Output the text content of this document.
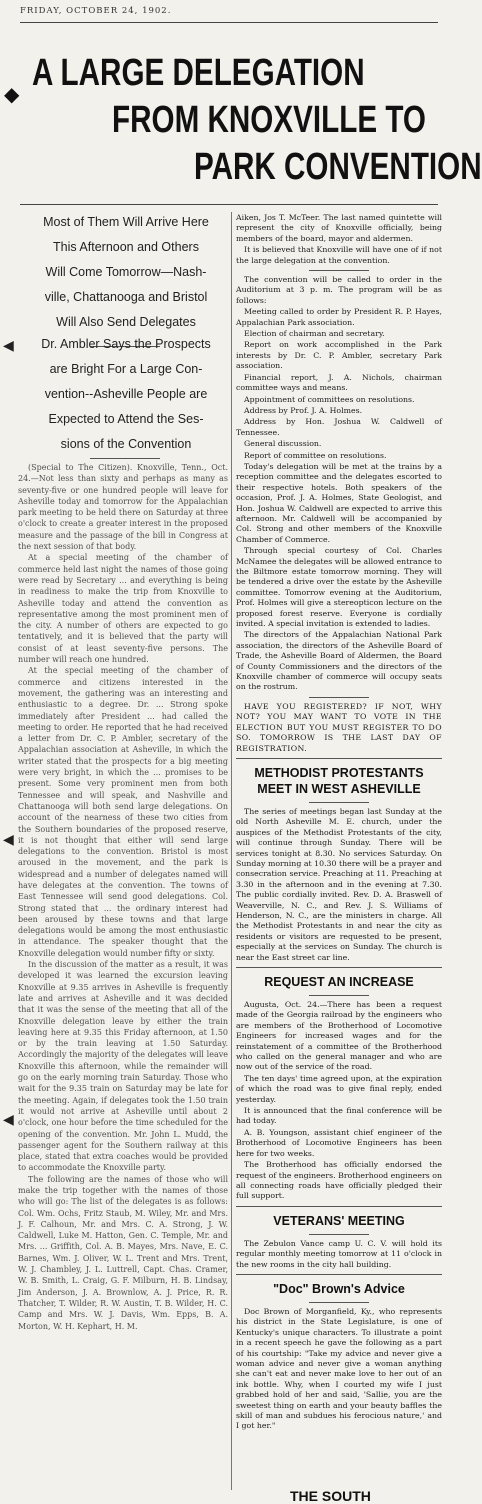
FRIDAY, OCTOBER 24, 1902.
◆ A LARGE DELEGATION
FROM KNOXVILLE TO
PARK CONVENTION
Most of Them Will Arrive Here
This Afternoon and Others
Will Come Tomorrow—Nash-
ville, Chattanooga and Bristol
Will Also Send Delegates
Dr. Ambler Says the Prospects
are Bright For a Large Con-
vention--Asheville People are
Expected to Attend the Ses-
sions of the Convention
◀
◀
◀

(Special to The Citizen). Knoxville, Tenn., Oct. 24.—Not less than sixty and perhaps as many as seventy-five or one hundred people will leave for Asheville today and tomorrow for the Appalachian park meeting to be held there on Saturday at three o'clock to create a greater interest in the proposed measure and the passage of the bill in Congress at the next session of that body.

At a special meeting of the chamber of commerce held last night the names of those going were read by Secretary ... and everything is being in readiness to make the trip from Knoxville to Asheville today and attend the convention as representative among the most prominent men of the city. A number of others are expected to go tentatively, and it is believed that the party will consist of at least seventy-five persons. The number will reach one hundred.

At the special meeting of the chamber of commerce and citizens interested in the movement, the gathering was an interesting and enthusiastic to a degree. Dr. ... Strong spoke immediately after President ... had called the meeting to order. He reported that he had received a letter from Dr. C. P. Ambler, secretary of the Appalachian association at Asheville, in which the writer stated that the prospects for a big meeting were very bright, in which the ... promises to be present. Some very prominent men from both Tennessee and will speak, and Nashville and Chattanooga will both send large delegations. On account of the nearness of these two cities from the Southern boundaries of the proposed reserve, it is not thought that either will send large delegations to the convention. Bristol is most aroused in the movement, and the park is widespread and a number of delegates named will have delegates at the convention. The towns of East Tennessee will send good delegations. Col. Strong stated that ... the ordinary interest had been aroused by these towns and that large delegations would be among the most enthusiastic in attendance. The speaker thought that the Knoxville delegation would number fifty or sixty.

In the discussion of the matter as a result, it was developed it was learned the excursion leaving Knoxville at 9.35 arrives in Asheville is frequently late and arrives at Asheville and it was decided that it was the sense of the meeting that all of the Knoxville delegation leave by either the train leaving here at 9.35 this Friday afternoon, at 1.50 or by the train leaving at 1.50 Saturday. Accordingly the majority of the delegates will leave Knoxville this afternoon, while the remainder will go on the early morning train Saturday. Those who wait for the 9.35 train on Saturday may be late for the meeting. Again, if delegates took the 1.50 train it would not arrive at Asheville until about 2 o'clock, one hour before the time scheduled for the opening of the convention. Mr. John L. Mudd, the passenger agent for the Southern railway at this place, stated that extra coaches would be provided to accommodate the Knoxville party.

The following are the names of those who will make the trip together with the names of those who will go: The list of the delegates is as follows: Col. Wm. Ochs, Fritz Staub, M. Wiley, Mr. and Mrs. J. F. Calhoun, Mr. and Mrs. C. A. Strong, J. W. Caldwell, Luke M. Hatton, Gen. C. Temple, Mr. and Mrs. ... Griffith, Col. A. B. Mayes, Mrs. Nave, E. C. Barnes, Wm. J. Oliver, W. L. Trent and Mrs. Trent, W. J. Chambley, J. L. Luttrell, Capt. Chas. Cramer, W. B. Smith, L. Craig, G. F. Milburn, H. B. Lindsay, Jim Anderson, J. A. Brownlow, A. J. Price, R. R. Thatcher, T. Wilder, R. W. Austin, T. B. Wilder, H. C. Camp and Mrs. W. J. Davis, Wm. Epps, B. A. Morton, W. H. Kephart, H. M.

Aiken, Jos T. McTeer. The last named quintette will represent the city of Knoxville officially, being members of the board, mayor and aldermen.

It is believed that Knoxville will have one of if not the large delegation at the convention.

The convention will be called to order in the Auditorium at 3 p. m. The program will be as follows:

Meeting called to order by President R. P. Hayes, Appalachian Park association.

Election of chairman and secretary.

Report on work accomplished in the Park interests by Dr. C. P. Ambler, secretary Park association.

Financial report, J. A. Nichols, chairman committee ways and means.

Appointment of committees on resolutions.

Address by Prof. J. A. Holmes.

Address by Hon. Joshua W. Caldwell of Tennessee.

General discussion.

Report of committee on resolutions.

Today's delegation will be met at the trains by a reception committee and the delegates escorted to their respective hotels. Both speakers of the occasion, Prof. J. A. Holmes, State Geologist, and Hon. Joshua W. Caldwell are expected to arrive this afternoon. Mr. Caldwell will be accompanied by Col. Strong and other members of the Knoxville Chamber of Commerce.

Through special courtesy of Col. Charles McNamee the delegates will be allowed entrance to the Biltmore estate tomorrow morning. They will be tendered a drive over the estate by the Asheville committee. Tomorrow evening at the Auditorium, Prof. Holmes will give a stereopticon lecture on the proposed forest reserve. Everyone is cordially invited. A special invitation is extended to ladies.

The directors of the Appalachian National Park association, the directors of the Asheville Board of Trade, the Asheville Board of Aldermen, the Board of County Commissioners and the directors of the Knoxville chamber of commerce will occupy seats on the rostrum.

HAVE YOU REGISTERED? IF NOT, WHY NOT? YOU MAY WANT TO VOTE IN THE ELECTION BUT YOU MUST REGISTER TO DO SO. TOMORROW IS THE LAST DAY OF REGISTRATION.

METHODIST PROTESTANTS MEET IN WEST ASHEVILLE

The series of meetings began last Sunday at the old North Asheville M. E. church, under the auspices of the Methodist Protestants of the city, will continue through Sunday. There will be services tonight at 8.30. No services Saturday. On Sunday morning at 10.30 there will be a prayer and consecration service. Preaching at 11. Preaching at 3.30 in the afternoon and in the evening at 7.30. The public cordially invited. Rev. D. A. Braswell of Weaverville, N. C., and Rev. J. S. Williams of Henderson, N. C., are the ministers in charge. All the Methodist Protestants in and near the city as residents or visitors are requested to be present, especially at the services on Sunday. The church is near the East street car line.

REQUEST AN INCREASE

Augusta, Oct. 24.—There has been a request made of the Georgia railroad by the engineers who are members of the Brotherhood of Locomotive Engineers for increased wages and for the reinstatement of a committee of the Brotherhood who called on the general manager and who are now out of the service of the road.

The ten days' time agreed upon, at the expiration of which the road was to give final reply, ended yesterday.

It is announced that the final conference will be had today.

A. B. Youngson, assistant chief engineer of the Brotherhood of Locomotive Engineers has been here for two weeks.

The Brotherhood has officially endorsed the request of the engineers. Brotherhood engineers on all connecting roads have officially pledged their full support.

VETERANS' MEETING

The Zebulon Vance camp U. C. V. will hold its regular monthly meeting tomorrow at 11 o'clock in the new rooms in the city hall building.

"Doc" Brown's Advice

Doc Brown of Morganfield, Ky., who represents his district in the State Legislature, is one of Kentucky's unique characters. To illustrate a point in a recent speech he gave the following as a part of his courtship: "Take my advice and never give a woman advice and never give a woman anything she can't eat and never make love to her out of an ink bottle. Why, when I courted my wife I just grabbed hold of her and said, 'Sallie, you are the sweetest thing on earth and your beauty baffles the skill of man and subdues his ferocious nature,' and I got her."

THE SOUTH
